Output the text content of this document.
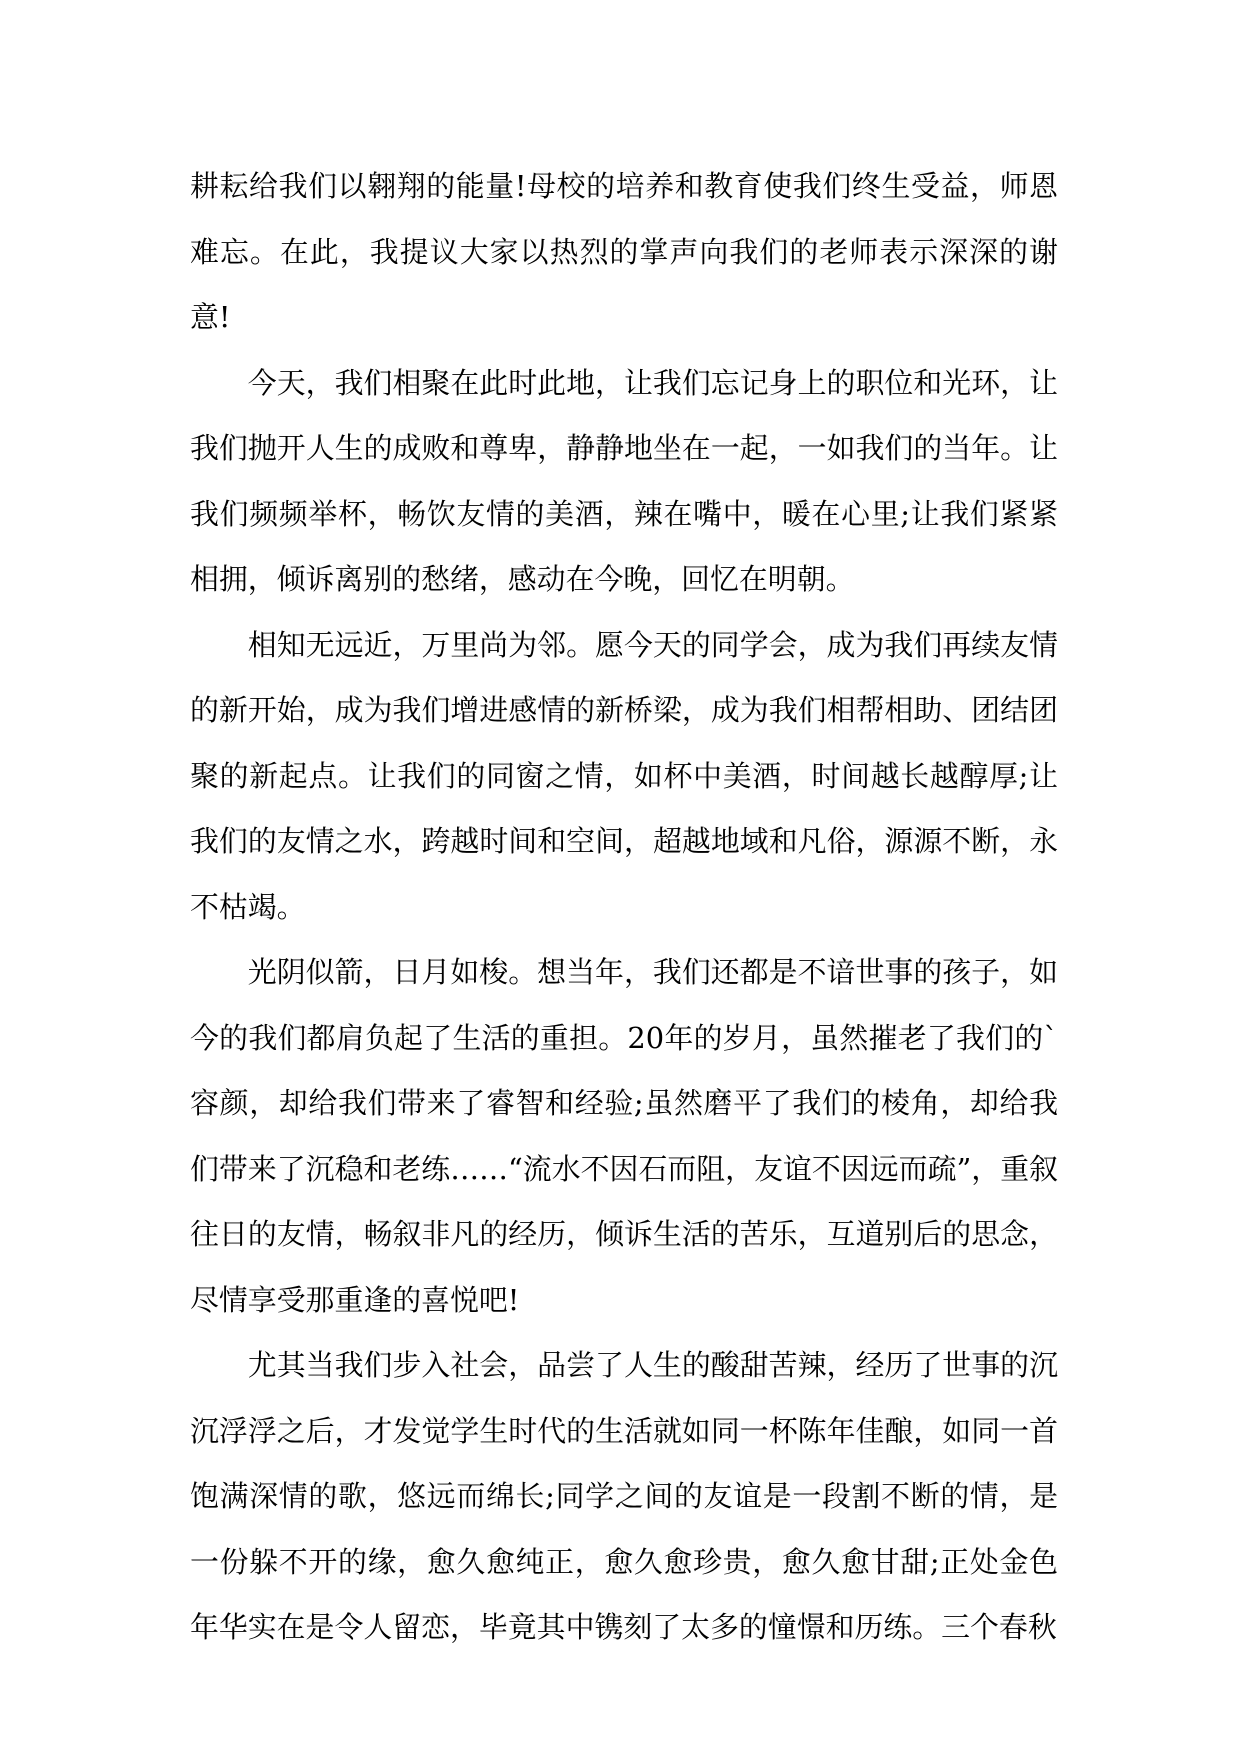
耕耘给我们以翱翔的能量!母校的培养和教育使我们终生受益，师恩难忘。在此，我提议大家以热烈的掌声向我们的老师表示深深的谢意!

今天，我们相聚在此时此地，让我们忘记身上的职位和光环，让我们抛开人生的成败和尊卑，静静地坐在一起，一如我们的当年。让我们频频举杯，畅饮友情的美酒，辣在嘴中，暖在心里;让我们紧紧相拥，倾诉离别的愁绪，感动在今晚，回忆在明朝。

相知无远近，万里尚为邻。愿今天的同学会，成为我们再续友情的新开始，成为我们增进感情的新桥梁，成为我们相帮相助、团结团聚的新起点。让我们的同窗之情，如杯中美酒，时间越长越醇厚;让我们的友情之水，跨越时间和空间，超越地域和凡俗，源源不断，永不枯竭。

光阴似箭，日月如梭。想当年，我们还都是不谙世事的孩子，如今的我们都肩负起了生活的重担。20年的岁月，虽然摧老了我们的`容颜，却给我们带来了睿智和经验;虽然磨平了我们的棱角，却给我们带来了沉稳和老练……“流水不因石而阻，友谊不因远而疏”，重叙往日的友情，畅叙非凡的经历，倾诉生活的苦乐，互道别后的思念，尽情享受那重逢的喜悦吧!

尤其当我们步入社会，品尝了人生的酸甜苦辣，经历了世事的沉沉浮浮之后，才发觉学生时代的生活就如同一杯陈年佳酿，如同一首饱满深情的歌，悠远而绵长;同学之间的友谊是一段割不断的情，是一份躲不开的缘，愈久愈纯正，愈久愈珍贵，愈久愈甘甜;正处金色年华实在是令人留恋，毕竟其中镌刻了太多的憧憬和历练。三个春秋
